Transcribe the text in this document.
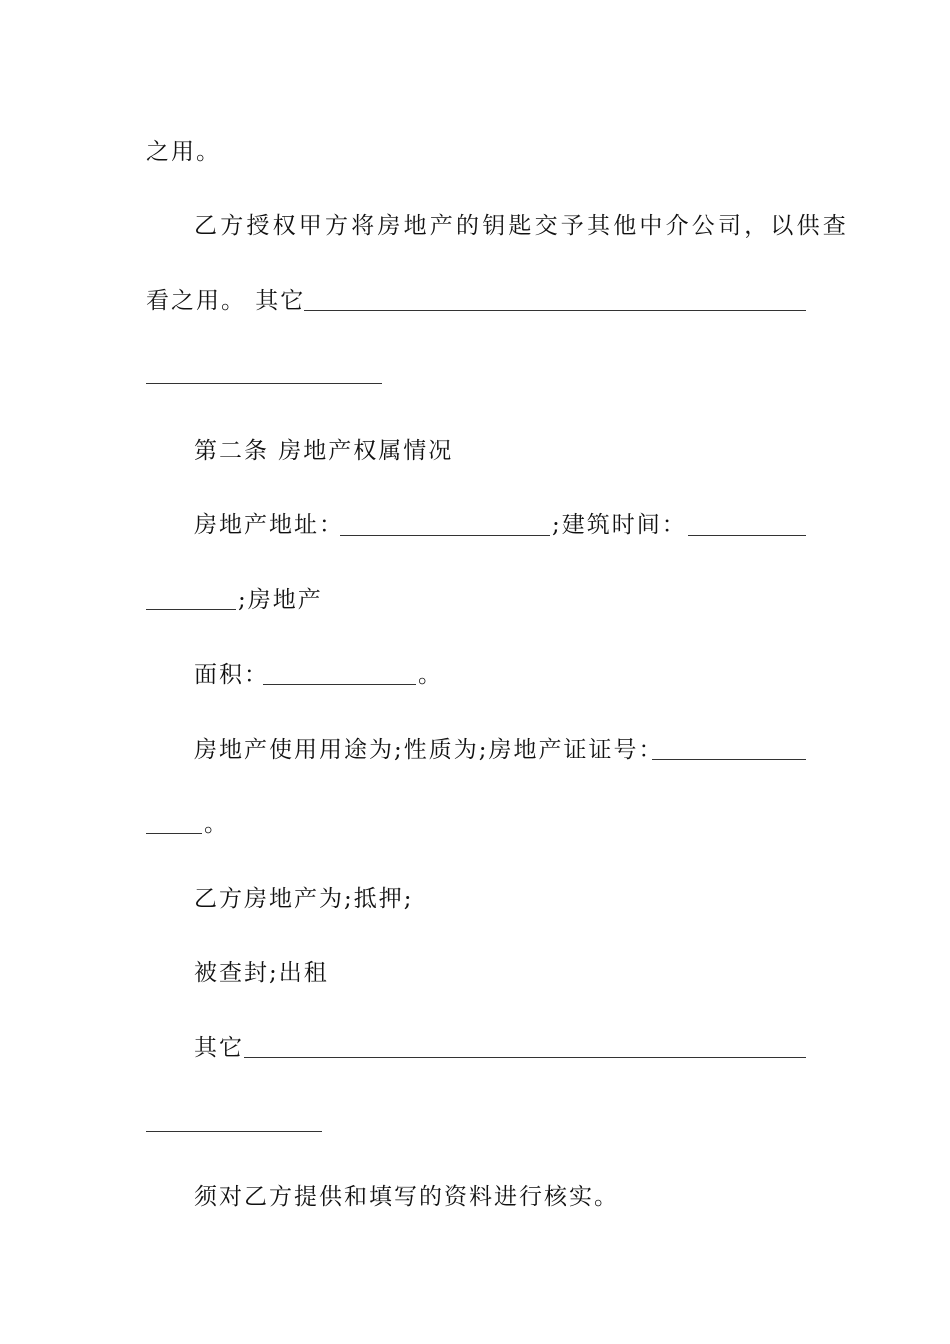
之用。
乙方授权甲方将房地产的钥匙交予其他中介公司，以供查
看之用。 其它
第二条 房地产权属情况
房地产地址：	;建筑时间：
;房地产
面积：	。
房地产使用用途为;性质为;房地产证证号：
。
乙方房地产为;抵押;
被查封;出租
其它
须对乙方提供和填写的资料进行核实。
